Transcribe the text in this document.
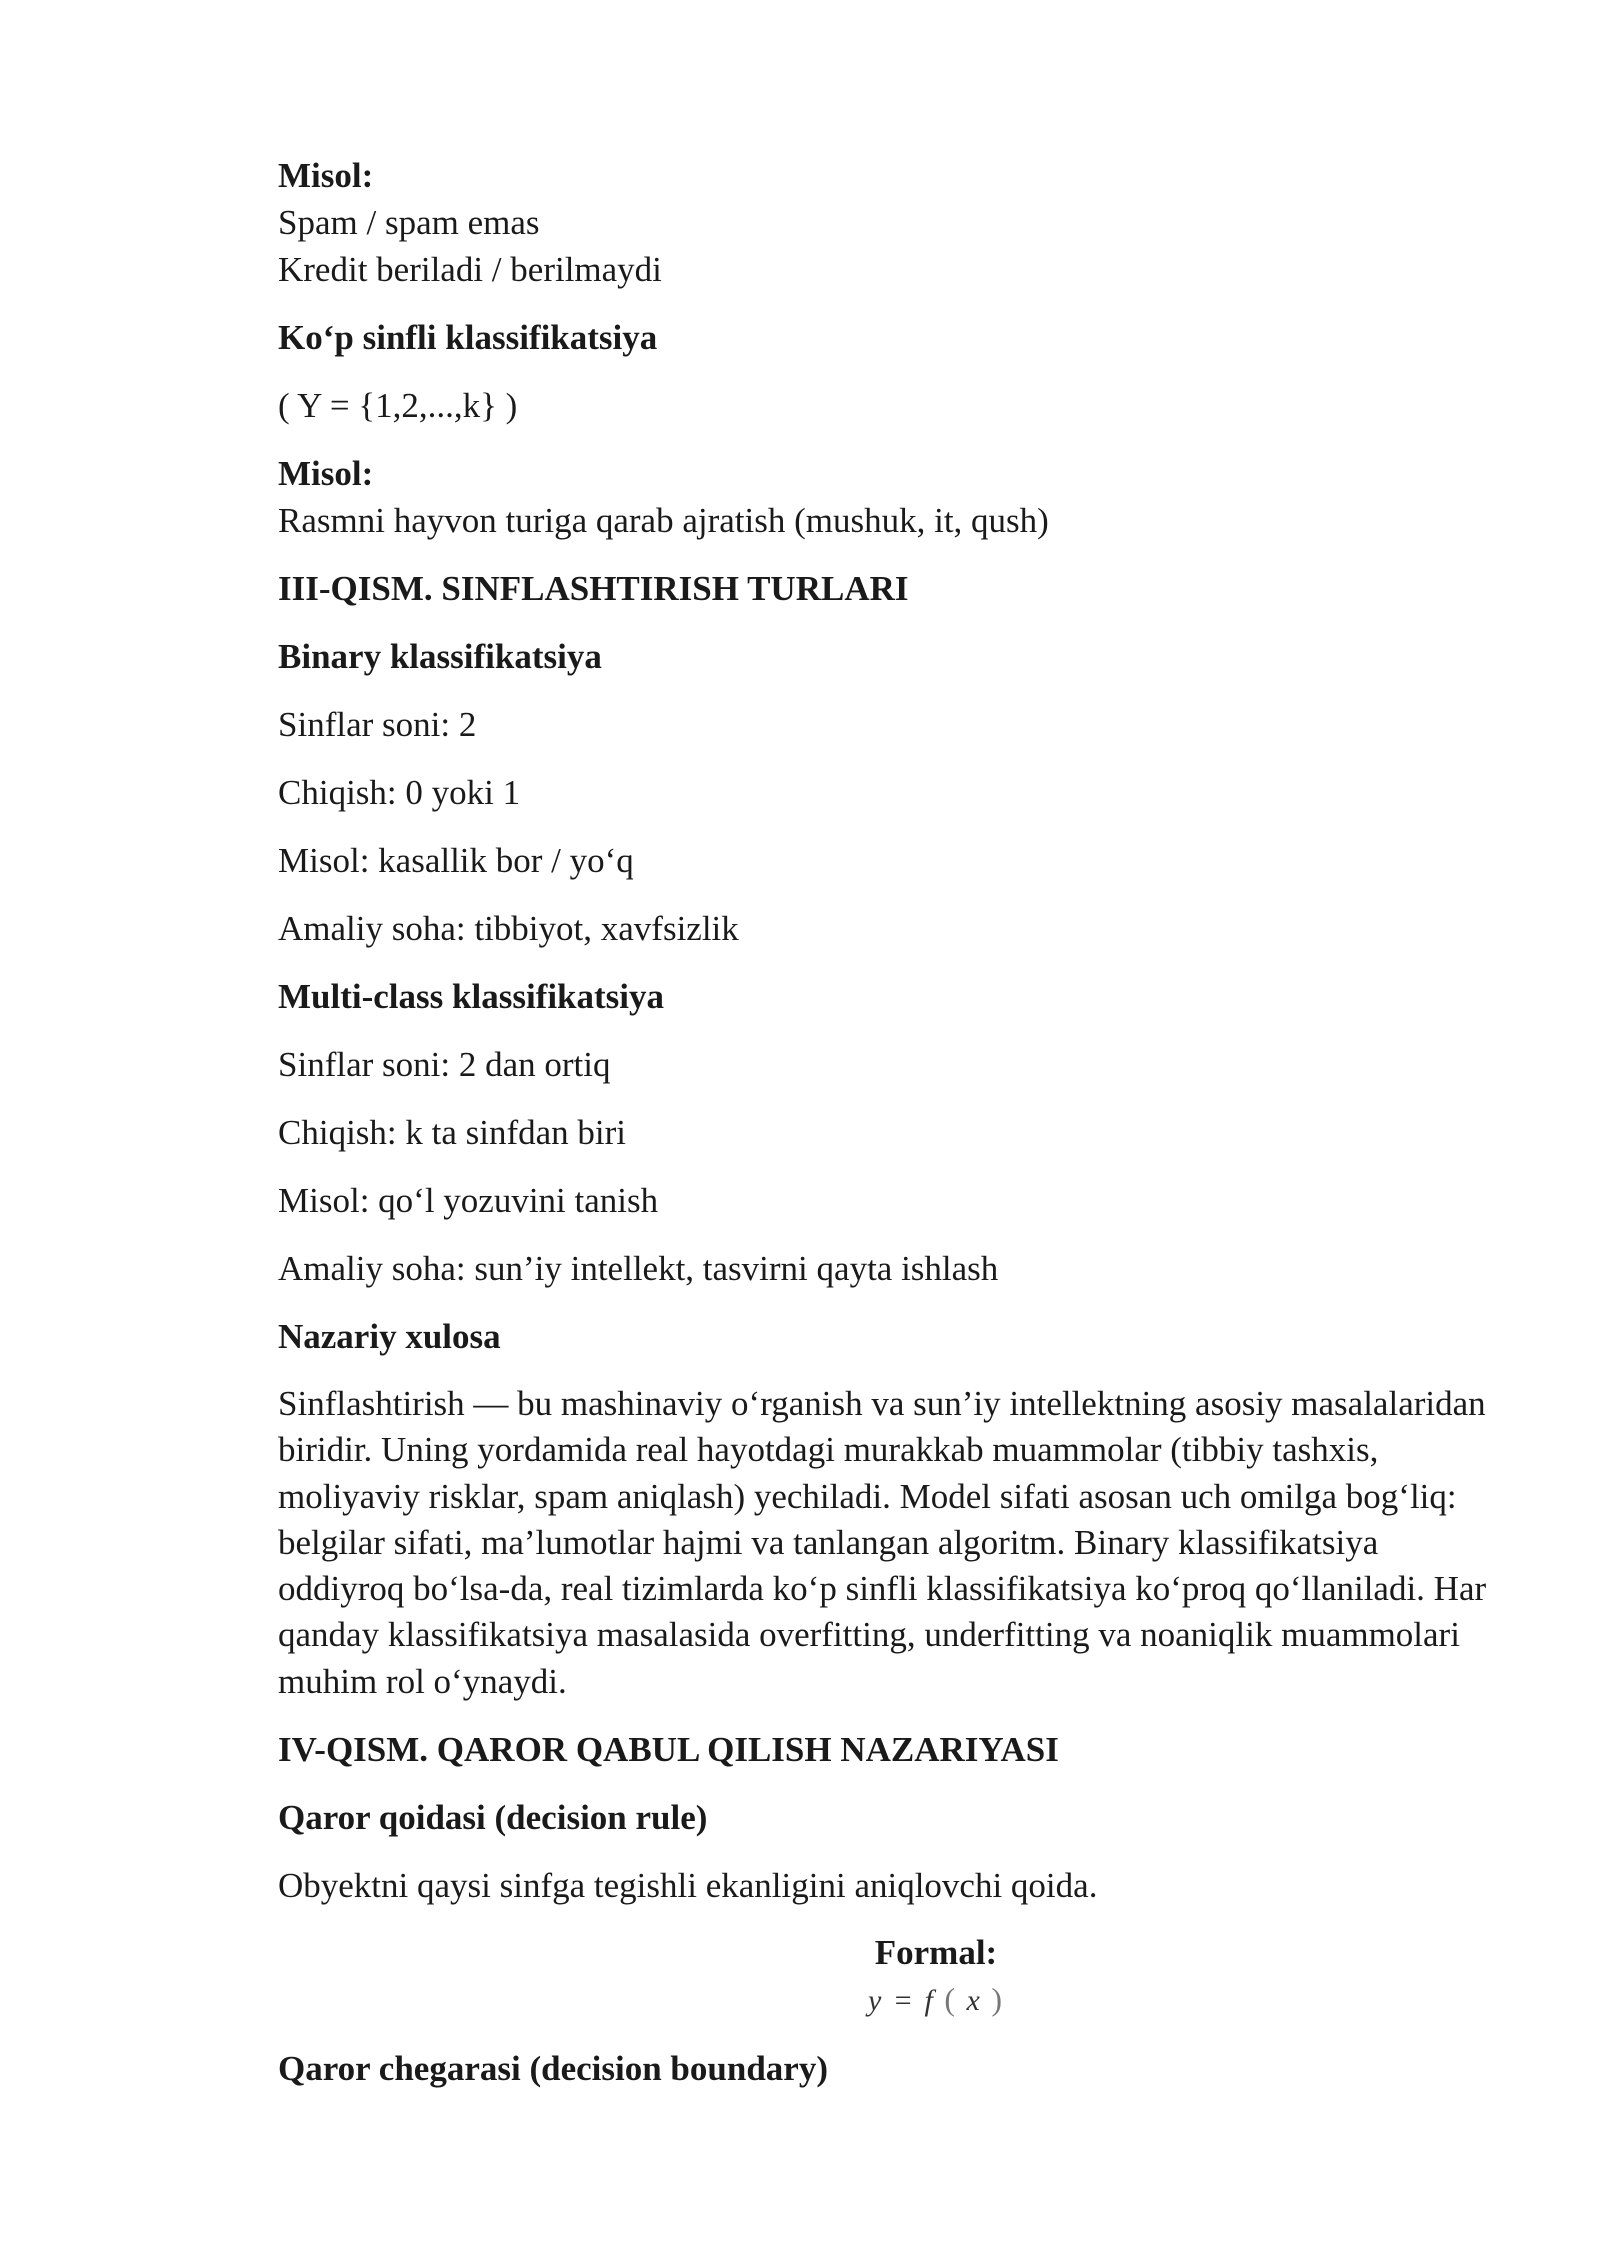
Misol:

Spam / spam emas

Kredit beriladi / berilmaydi

Ko‘p sinfli klassifikatsiya

( Y = {1,2,...,k} )

Misol:

Rasmni hayvon turiga qarab ajratish (mushuk, it, qush)

III-QISM. SINFLASHTIRISH TURLARI

Binary klassifikatsiya

Sinflar soni: 2

Chiqish: 0 yoki 1

Misol: kasallik bor / yo‘q

Amaliy soha: tibbiyot, xavfsizlik

Multi-class klassifikatsiya

Sinflar soni: 2 dan ortiq

Chiqish: k ta sinfdan biri

Misol: qo‘l yozuvini tanish

Amaliy soha: sun’iy intellekt, tasvirni qayta ishlash

Nazariy xulosa

Sinflashtirish — bu mashinaviy o‘rganish va sun’iy intellektning asosiy masalalaridan biridir. Uning yordamida real hayotdagi murakkab muammolar (tibbiy tashxis, moliyaviy risklar, spam aniqlash) yechiladi. Model sifati asosan uch omilga bog‘liq: belgilar sifati, ma’lumotlar hajmi va tanlangan algoritm. Binary klassifikatsiya oddiyroq bo‘lsa-da, real tizimlarda ko‘p sinfli klassifikatsiya ko‘proq qo‘llaniladi. Har qanday klassifikatsiya masalasida overfitting, underfitting va noaniqlik muammolari muhim rol o‘ynaydi.

IV-QISM. QAROR QABUL QILISH NAZARIYASI

Qaror qoidasi (decision rule)

Obyektni qaysi sinfga tegishli ekanligini aniqlovchi qoida.

Formal:
y = f ( x )

Qaror chegarasi (decision boundary)
